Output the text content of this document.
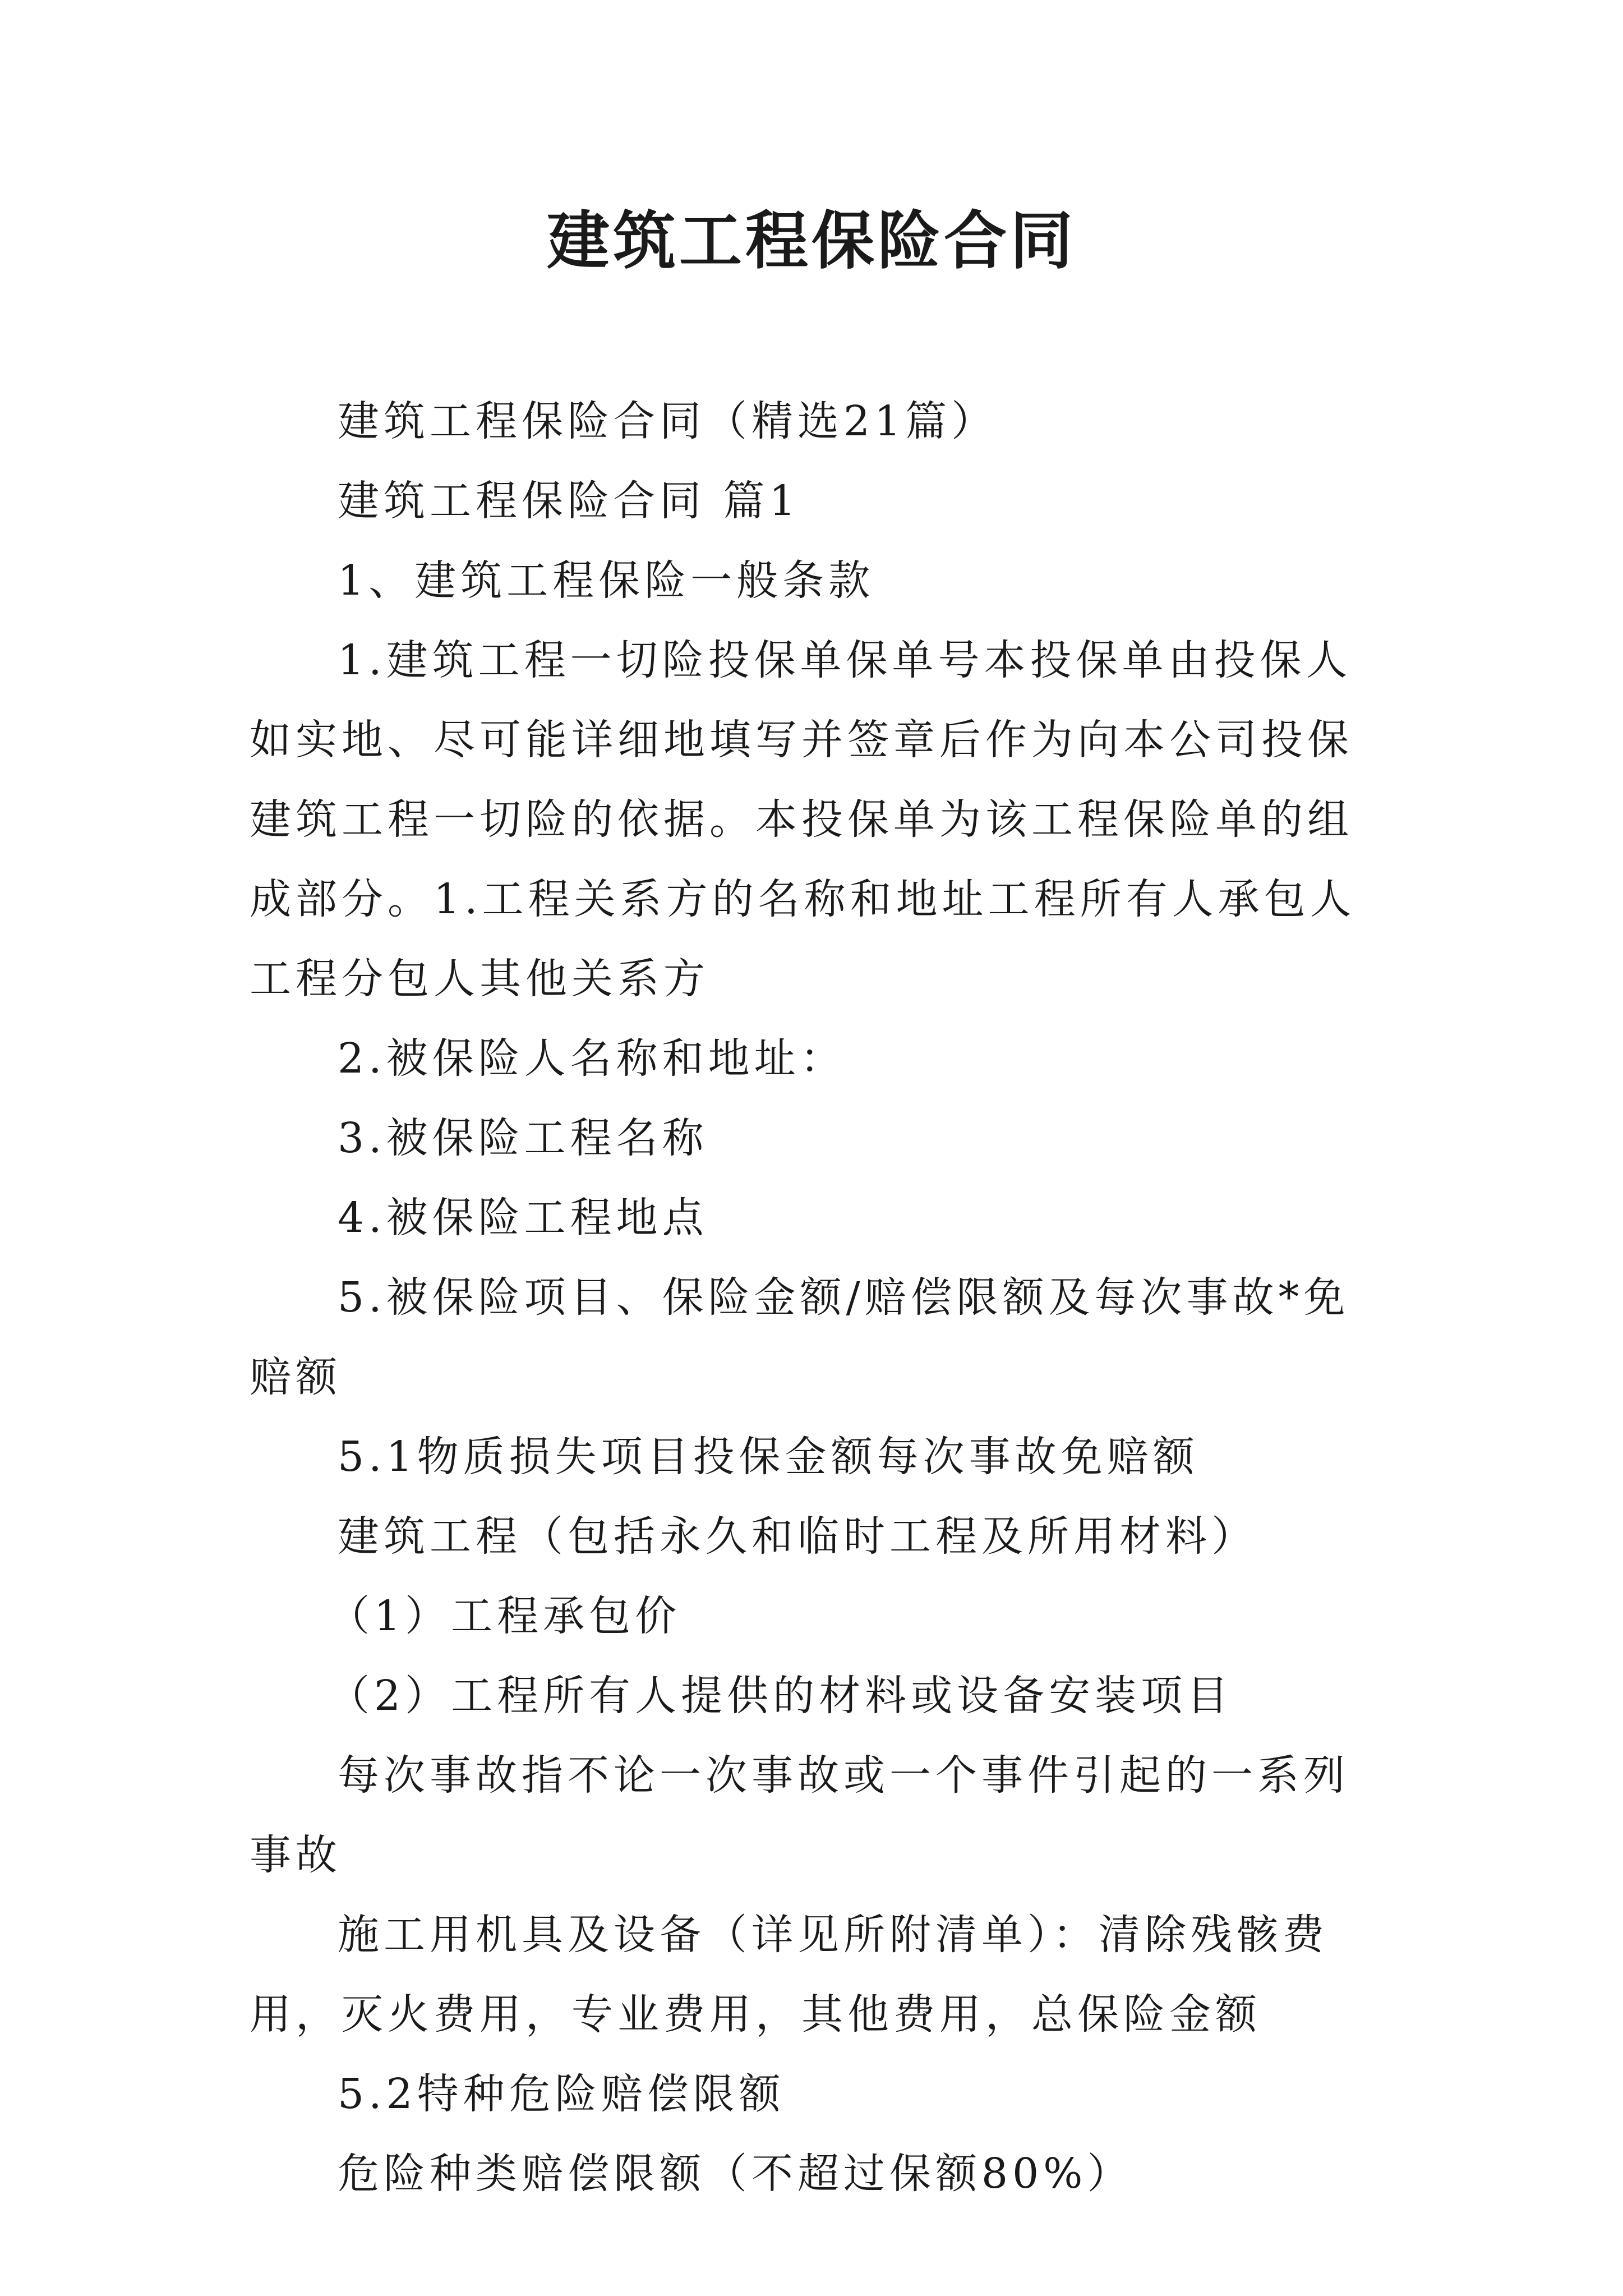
建筑工程保险合同

建筑工程保险合同（精选21篇）

建筑工程保险合同 篇1

1、建筑工程保险一般条款

1.建筑工程一切险投保单保单号本投保单由投保人如实地、尽可能详细地填写并签章后作为向本公司投保建筑工程一切险的依据。本投保单为该工程保险单的组成部分。1.工程关系方的名称和地址工程所有人承包人工程分包人其他关系方

2.被保险人名称和地址：

3.被保险工程名称

4.被保险工程地点

5.被保险项目、保险金额/赔偿限额及每次事故*免赔额

5.1物质损失项目投保金额每次事故免赔额

建筑工程（包括永久和临时工程及所用材料）

（1）工程承包价

（2）工程所有人提供的材料或设备安装项目

每次事故指不论一次事故或一个事件引起的一系列事故

施工用机具及设备（详见所附清单）：清除残骸费用，灭火费用，专业费用，其他费用，总保险金额

5.2特种危险赔偿限额

危险种类赔偿限额（不超过保额80%）
